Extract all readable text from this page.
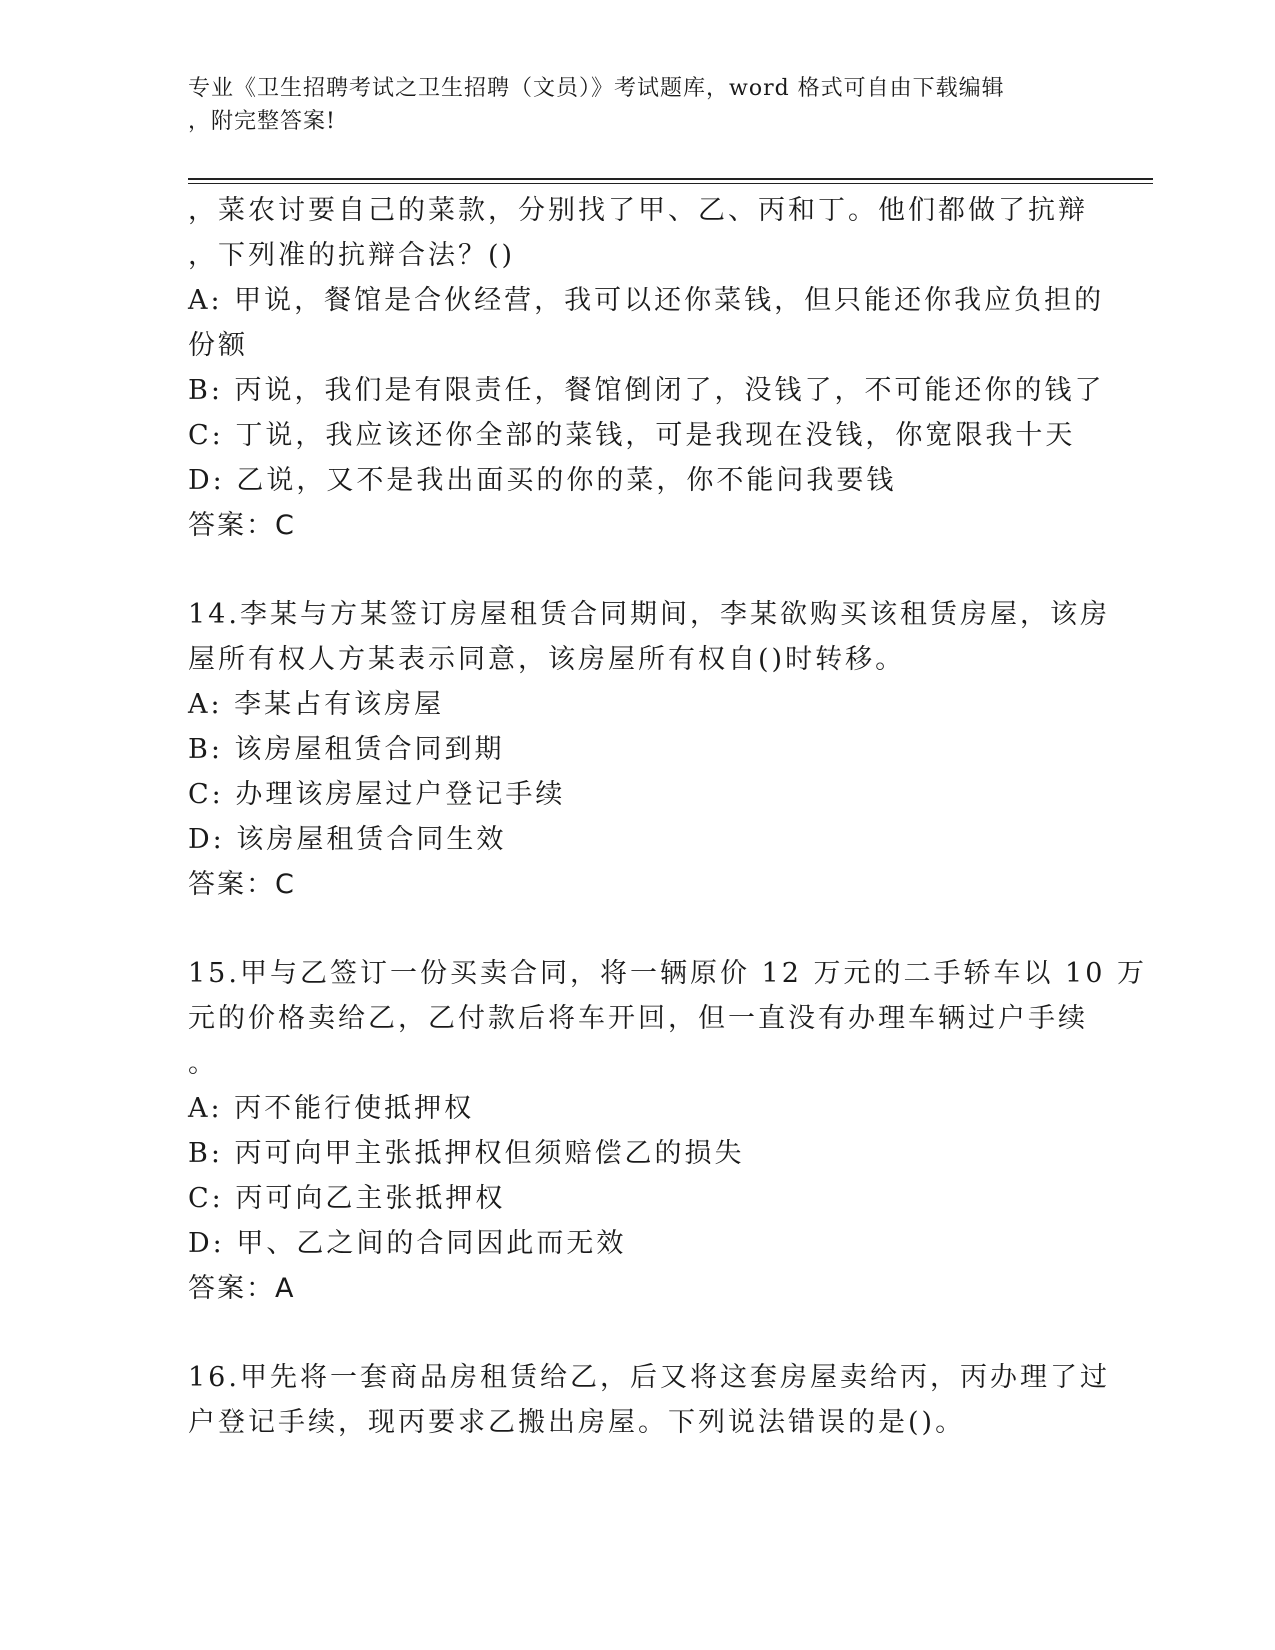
专业《卫生招聘考试之卫生招聘（文员）》考试题库，word 格式可自由下载编辑
，附完整答案!
，菜农讨要自己的菜款，分别找了甲、乙、丙和丁。他们都做了抗辩
，下列准的抗辩合法？()
A: 甲说，餐馆是合伙经营，我可以还你菜钱，但只能还你我应负担的
份额
B: 丙说，我们是有限责任，餐馆倒闭了，没钱了，不可能还你的钱了
C: 丁说，我应该还你全部的菜钱，可是我现在没钱，你宽限我十天
D: 乙说，又不是我出面买的你的菜，你不能问我要钱
答案：C
14.李某与方某签订房屋租赁合同期间，李某欲购买该租赁房屋，该房
屋所有权人方某表示同意，该房屋所有权自()时转移。
A: 李某占有该房屋
B: 该房屋租赁合同到期
C: 办理该房屋过户登记手续
D: 该房屋租赁合同生效
答案：C
15.甲与乙签订一份买卖合同，将一辆原价 12 万元的二手轿车以 10 万
元的价格卖给乙，乙付款后将车开回，但一直没有办理车辆过户手续
。
A: 丙不能行使抵押权
B: 丙可向甲主张抵押权但须赔偿乙的损失
C: 丙可向乙主张抵押权
D: 甲、乙之间的合同因此而无效
答案：A
16.甲先将一套商品房租赁给乙，后又将这套房屋卖给丙，丙办理了过
户登记手续，现丙要求乙搬出房屋。下列说法错误的是()。
